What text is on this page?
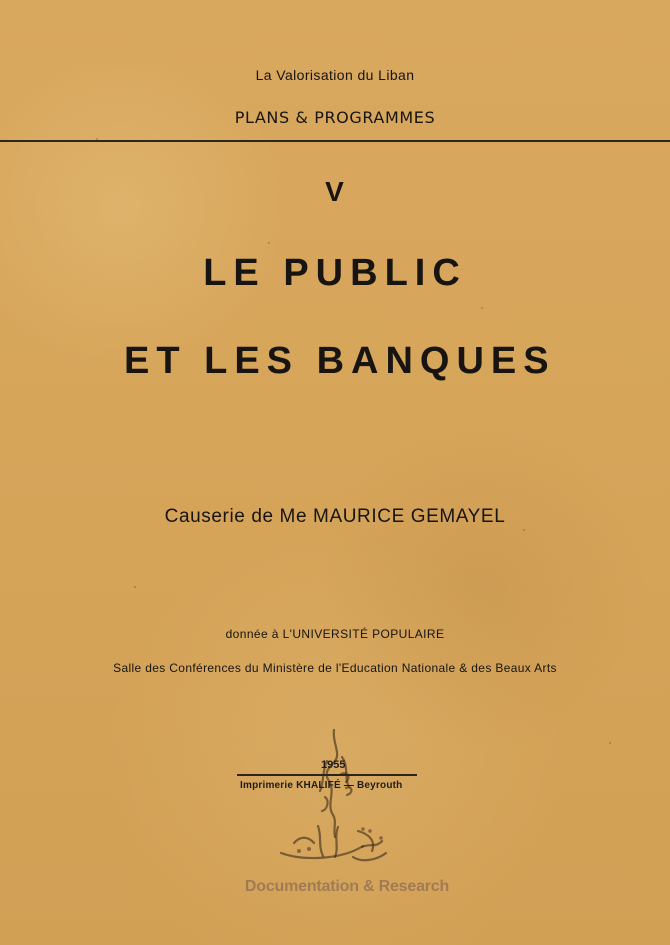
La Valorisation du Liban
PLANS & PROGRAMMES
V
LE PUBLIC
ET LES BANQUES
Causerie de Me MAURICE GEMAYEL
donnée à L'UNIVERSITÉ POPULAIRE
Salle des Conférences du Ministère de l'Education Nationale & des Beaux Arts
1955
Imprimerie KHALIFÉ — Beyrouth
Documentation & Research
